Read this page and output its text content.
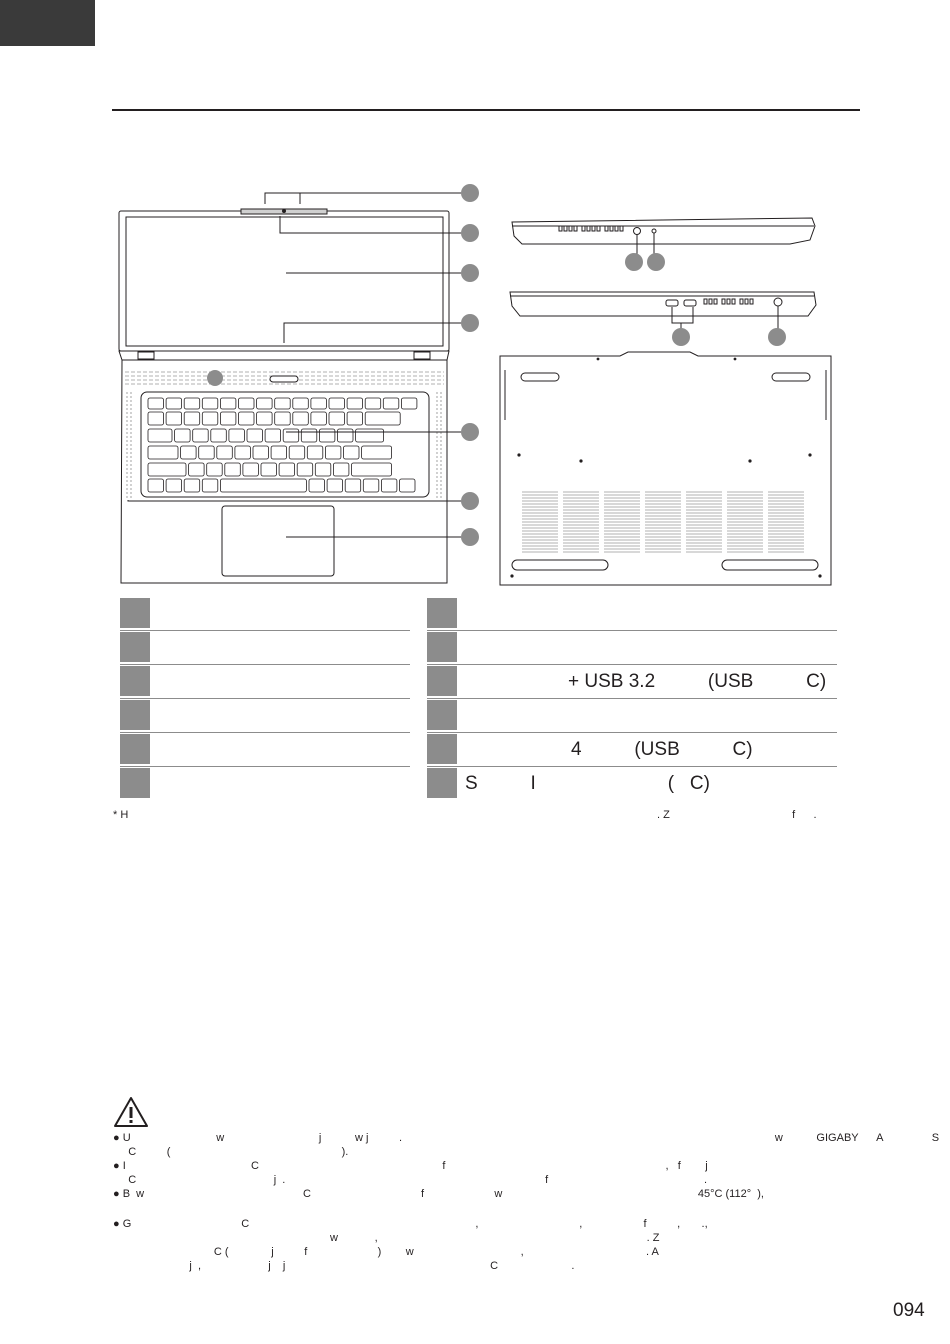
+ USB 3.2          (USB          C)
4          (USB          C)
S          I                         (   C)
* H                                                                                                                                                                             . Z                                        f      .
● U                            w                               j           w j          .                                                                                                                          w           GIGABY      A                S
C          (                                                        ).
● I                                         C                                                            f                                                                        ,   f        j
C                                             j  .                                                                                     f                                                   .
● B  w                                                    C                                    f                       w                                                                45°C (112°  ),
● G                                    C                                                                          ,                                 ,                    f          ,       .,
w            ,                                                                                        . Z
C (              j          f                       )        w                                   ,                                        . A
j  ,                      j    j                                                                   C                        .
094
